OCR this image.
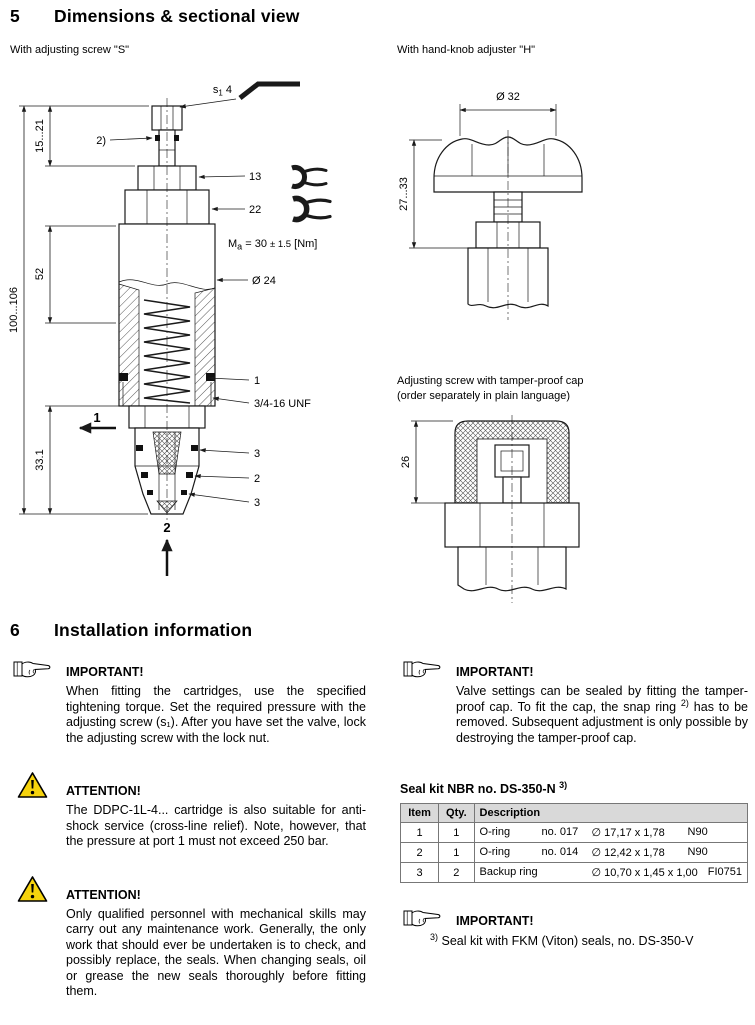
5 Dimensions & sectional view
With adjusting screw "S"	With hand-knob adjuster "H"
100...106
15...21
52
33.1
$s_1$ 4
2)
13
22
$M_a = 30 \pm 1.5$ [Nm]
Ø 24
1
3/4-16 UNF
3
2
3
1
2
Ø 32
27...33
Adjusting screw with tamper-proof cap
(order separately in plain language)
26
6 Installation information
IMPORTANT!

When fitting the cartridges, use the specified tightening torque. Set the required pressure with the adjusting screw (s₁). After you have set the valve, lock the adjusting screw with the lock nut.

ATTENTION!

The DDPC-1L-4... cartridge is also suitable for anti-shock service (cross-line relief). Note, however, that the pressure at port 1 must not exceed 250 bar.

ATTENTION!

Only qualified personnel with mechanical skills may carry out any maintenance work. Generally, the only work that should ever be undertaken is to check, and possibly replace, the seals. When changing seals, oil or grease the new seals thoroughly before fitting them.

IMPORTANT!

Valve settings can be sealed by fitting the tamper-proof cap. To fit the cap, the snap ring $^{2)}$ has to be removed. Subsequent adjustment is only possible by destroying the tamper-proof cap.

Seal kit NBR no. DS-350-N $^{3)}$
Item	Qty.	Description
1	1	O-ring no. 017 ∅ 17,17 x 1,78 N90

2	1	O-ring no. 014 ∅ 12,42 x 1,78 N90

3	2	Backup ring ∅ 10,70 x 1,45 x 1,00 FI0751
IMPORTANT!

$^{3)}$ Seal kit with FKM (Viton) seals, no. DS-350-V
